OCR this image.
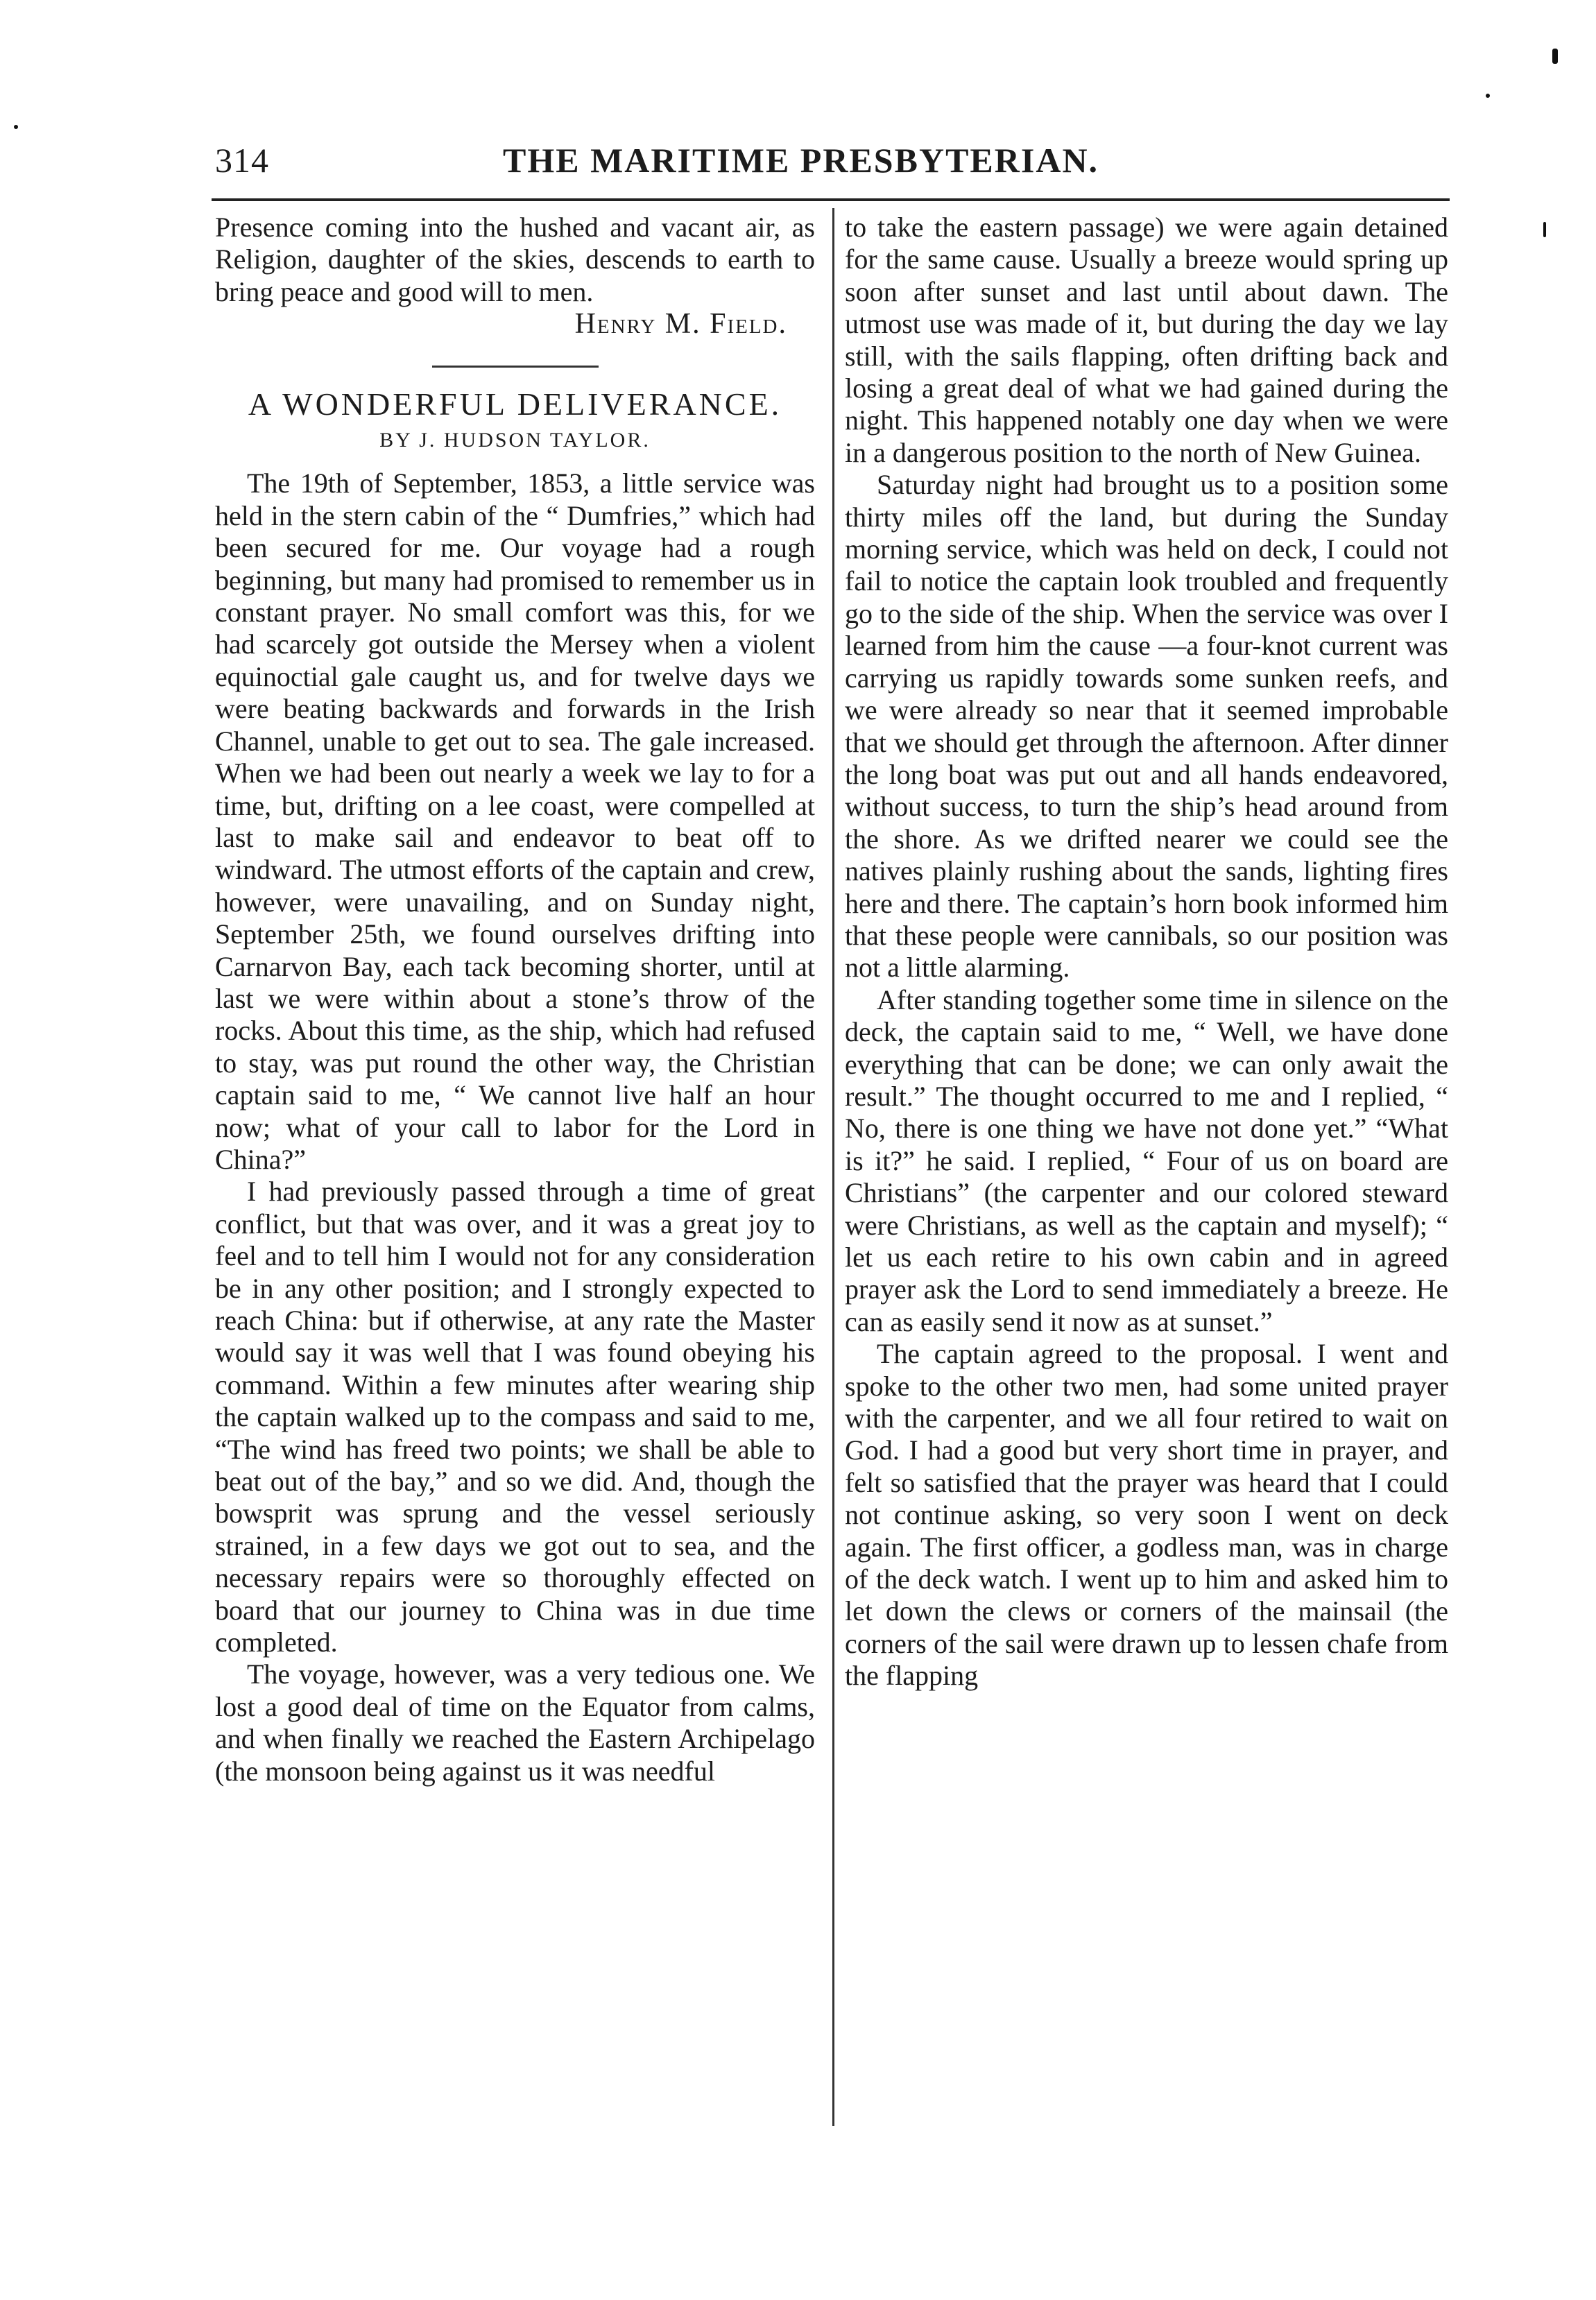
314	THE MARITIME PRESBYTERIAN.

Presence coming into the hushed and vacant air, as Religion, daughter of the skies, descends to earth to bring peace and good will to men.

Henry M. Field.

A WONDERFUL DELIVERANCE.
BY J. HUDSON TAYLOR.

The 19th of September, 1853, a little service was held in the stern cabin of the “ Dumfries,” which had been secured for me. Our voyage had a rough beginning, but many had promised to remember us in constant prayer. No small comfort was this, for we had scarcely got outside the Mersey when a violent equinoctial gale caught us, and for twelve days we were beating backwards and forwards in the Irish Channel, unable to get out to sea. The gale increased. When we had been out nearly a week we lay to for a time, but, drifting on a lee coast, were compelled at last to make sail and endeavor to beat off to windward. The utmost efforts of the captain and crew, however, were unavailing, and on Sunday night, September 25th, we found ourselves drifting into Carnarvon Bay, each tack becoming shorter, until at last we were within about a stone’s throw of the rocks. About this time, as the ship, which had refused to stay, was put round the other way, the Christian captain said to me, “ We cannot live half an hour now; what of your call to labor for the Lord in China?”

I had previously passed through a time of great conflict, but that was over, and it was a great joy to feel and to tell him I would not for any consideration be in any other position; and I strongly expected to reach China: but if otherwise, at any rate the Master would say it was well that I was found obeying his command. Within a few minutes after wearing ship the captain walked up to the compass and said to me, “The wind has freed two points; we shall be able to beat out of the bay,” and so we did. And, though the bowsprit was sprung and the vessel seriously strained, in a few days we got out to sea, and the necessary repairs were so thoroughly effected on board that our journey to China was in due time completed.

The voyage, however, was a very tedious one. We lost a good deal of time on the Equator from calms, and when finally we reached the Eastern Archipelago (the monsoon being against us it was needful

to take the eastern passage) we were again detained for the same cause. Usually a breeze would spring up soon after sunset and last until about dawn. The utmost use was made of it, but during the day we lay still, with the sails flapping, often drifting back and losing a great deal of what we had gained during the night. This happened notably one day when we were in a dangerous position to the north of New Guinea.

Saturday night had brought us to a position some thirty miles off the land, but during the Sunday morning service, which was held on deck, I could not fail to notice the captain look troubled and frequently go to the side of the ship. When the service was over I learned from him the cause —a four-knot current was carrying us rapidly towards some sunken reefs, and we were already so near that it seemed improbable that we should get through the afternoon. After dinner the long boat was put out and all hands endeavored, without success, to turn the ship’s head around from the shore. As we drifted nearer we could see the natives plainly rushing about the sands, lighting fires here and there. The captain’s horn book informed him that these people were cannibals, so our position was not a little alarming.

After standing together some time in silence on the deck, the captain said to me, “ Well, we have done everything that can be done; we can only await the result.” The thought occurred to me and I replied, “ No, there is one thing we have not done yet.” “What is it?” he said. I replied, “ Four of us on board are Christians” (the carpenter and our colored steward were Christians, as well as the captain and myself); “ let us each retire to his own cabin and in agreed prayer ask the Lord to send immediately a breeze. He can as easily send it now as at sunset.”

The captain agreed to the proposal. I went and spoke to the other two men, had some united prayer with the carpenter, and we all four retired to wait on God. I had a good but very short time in prayer, and felt so satisfied that the prayer was heard that I could not continue asking, so very soon I went on deck again. The first officer, a godless man, was in charge of the deck watch. I went up to him and asked him to let down the clews or corners of the mainsail (the corners of the sail were drawn up to lessen chafe from the flapping
